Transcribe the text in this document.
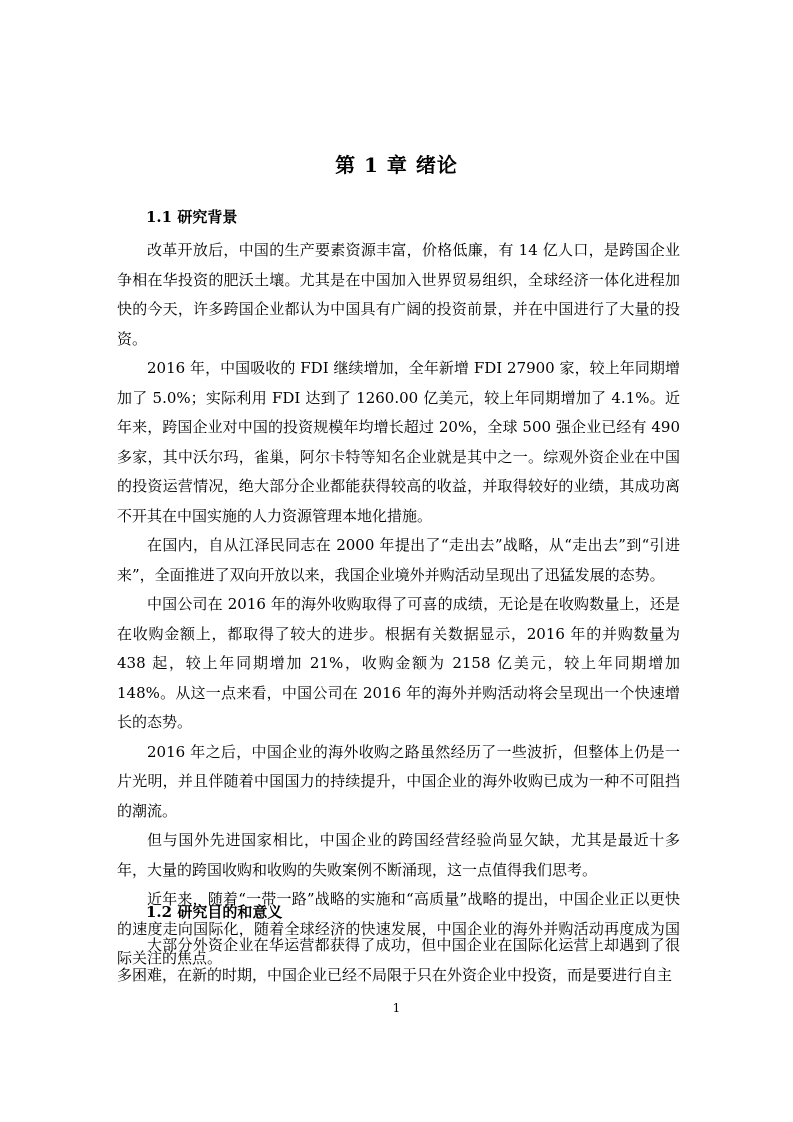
第 1 章 绪论
1.1 研究背景

改革开放后，中国的生产要素资源丰富，价格低廉，有 14 亿人口，是跨国企业争相在华投资的肥沃土壤。尤其是在中国加入世界贸易组织，全球经济一体化进程加快的今天，许多跨国企业都认为中国具有广阔的投资前景，并在中国进行了大量的投资。

2016 年，中国吸收的 FDI 继续增加，全年新增 FDI 27900 家，较上年同期增加了 5.0%；实际利用 FDI 达到了 1260.00 亿美元，较上年同期增加了 4.1%。近年来，跨国企业对中国的投资规模年均增长超过 20%，全球 500 强企业已经有 490 多家，其中沃尔玛，雀巢，阿尔卡特等知名企业就是其中之一。综观外资企业在中国的投资运营情况，绝大部分企业都能获得较高的收益，并取得较好的业绩，其成功离不开其在中国实施的人力资源管理本地化措施。

在国内，自从江泽民同志在 2000 年提出了“走出去”战略，从“走出去”到“引进来”，全面推进了双向开放以来，我国企业境外并购活动呈现出了迅猛发展的态势。

中国公司在 2016 年的海外收购取得了可喜的成绩，无论是在收购数量上，还是在收购金额上，都取得了较大的进步。根据有关数据显示，2016 年的并购数量为 438 起，较上年同期增加 21%，收购金额为 2158 亿美元，较上年同期增加 148%。从这一点来看，中国公司在 2016 年的海外并购活动将会呈现出一个快速增长的态势。

2016 年之后，中国企业的海外收购之路虽然经历了一些波折，但整体上仍是一片光明，并且伴随着中国国力的持续提升，中国企业的海外收购已成为一种不可阻挡的潮流。

但与国外先进国家相比，中国企业的跨国经营经验尚显欠缺，尤其是最近十多年，大量的跨国收购和收购的失败案例不断涌现，这一点值得我们思考。

近年来，随着“一带一路”战略的实施和“高质量”战略的提出，中国企业正以更快的速度走向国际化，随着全球经济的快速发展，中国企业的海外并购活动再度成为国际关注的焦点。

1.2 研究目的和意义

大部分外资企业在华运营都获得了成功，但中国企业在国际化运营上却遇到了很多困难，在新的时期，中国企业已经不局限于只在外资企业中投资，而是要进行自主

1
